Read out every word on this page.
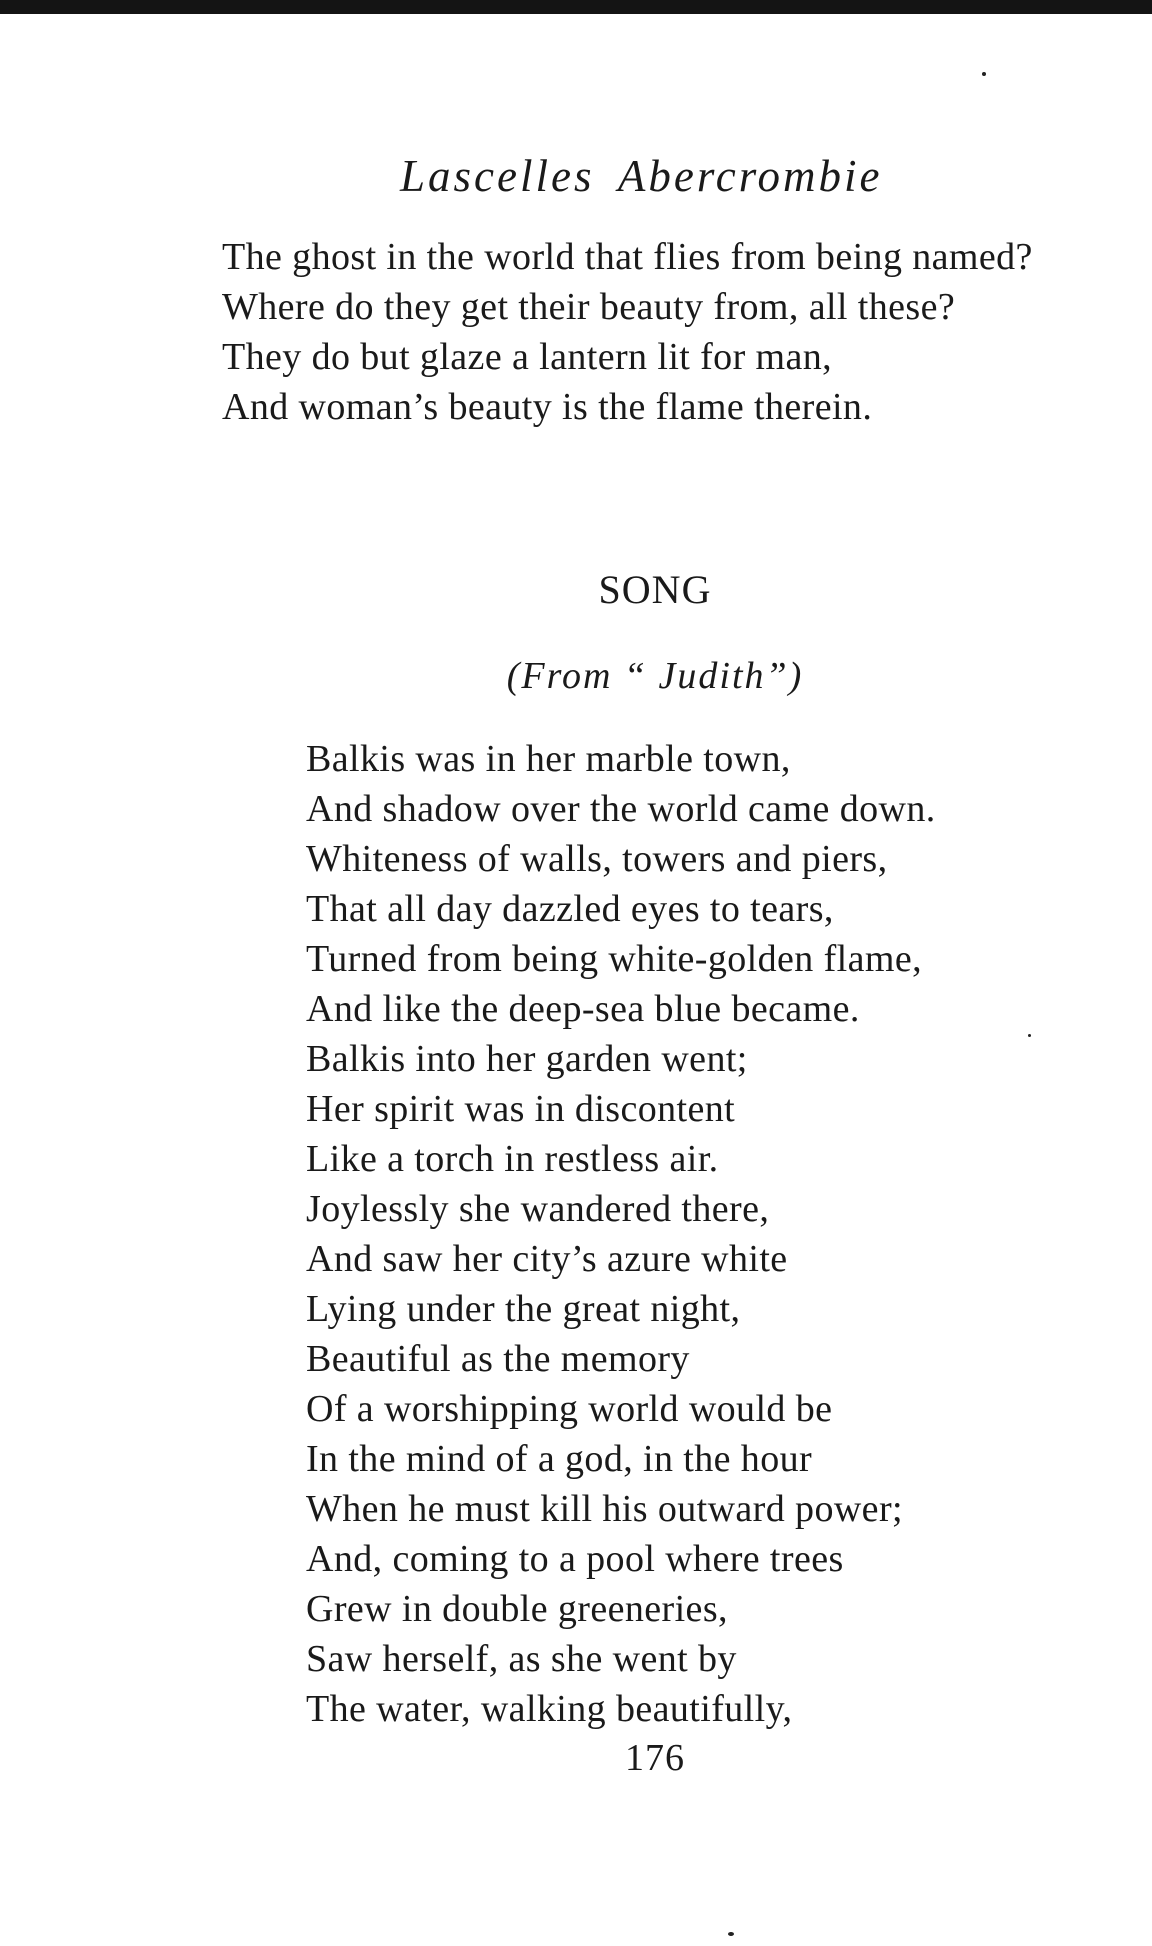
Lascelles Abercrombie
The ghost in the world that flies from being named?
Where do they get their beauty from, all these?
They do but glaze a lantern lit for man,
And woman’s beauty is the flame therein.
SONG
(From “ Judith”)
Balkis was in her marble town,
And shadow over the world came down.
Whiteness of walls, towers and piers,
That all day dazzled eyes to tears,
Turned from being white-golden flame,
And like the deep-sea blue became.
Balkis into her garden went;
Her spirit was in discontent
Like a torch in restless air.
Joylessly she wandered there,
And saw her city’s azure white
Lying under the great night,
Beautiful as the memory
Of a worshipping world would be
In the mind of a god, in the hour
When he must kill his outward power;
And, coming to a pool where trees
Grew in double greeneries,
Saw herself, as she went by
The water, walking beautifully,
176
